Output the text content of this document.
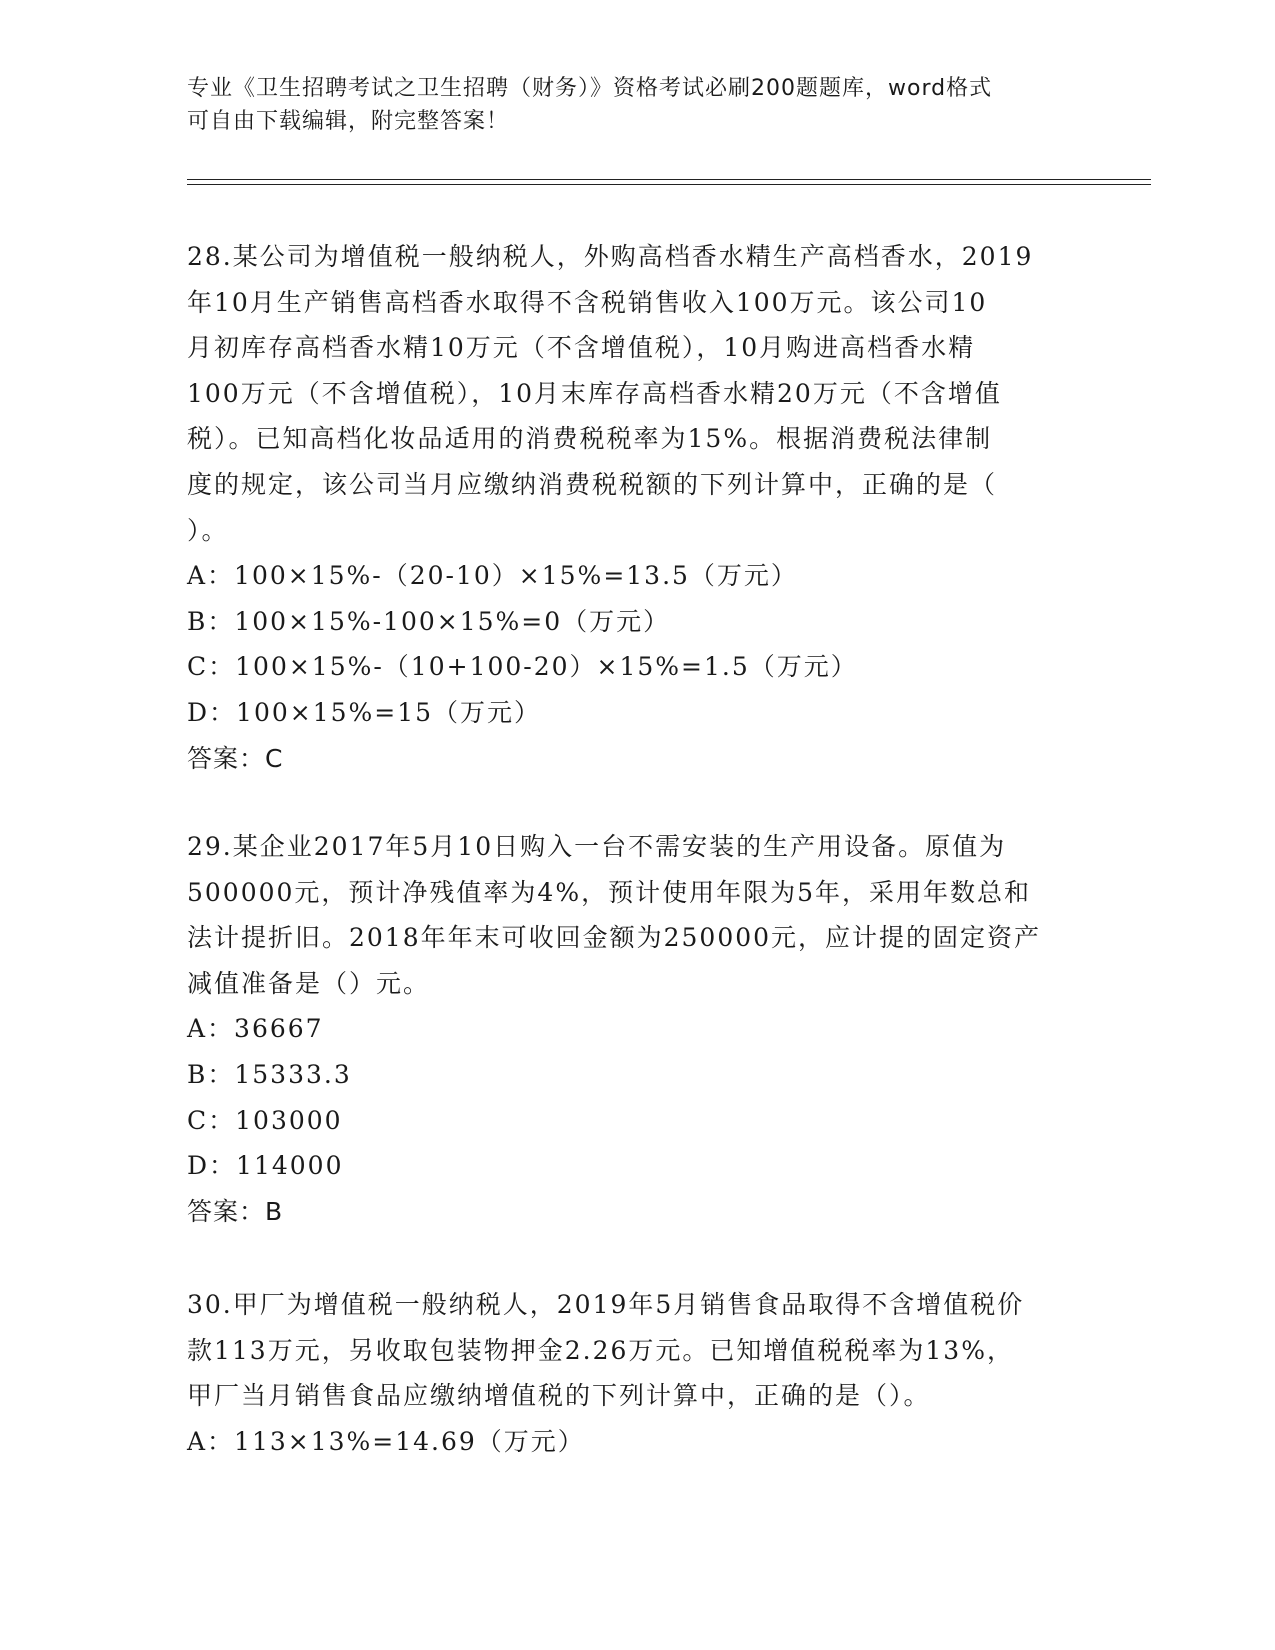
专业《卫生招聘考试之卫生招聘（财务）》资格考试必刷200题题库，word格式
可自由下载编辑，附完整答案！
28.某公司为增值税一般纳税人，外购高档香水精生产高档香水，2019
年10月生产销售高档香水取得不含税销售收入100万元。该公司10
月初库存高档香水精10万元（不含增值税），10月购进高档香水精
100万元（不含增值税），10月末库存高档香水精20万元（不含增值
税）。已知高档化妆品适用的消费税税率为15%。根据消费税法律制
度的规定，该公司当月应缴纳消费税税额的下列计算中，正确的是（
）。
A：100×15%-（20-10）×15%=13.5（万元）
B：100×15%-100×15%=0（万元）
C：100×15%-（10+100-20）×15%=1.5（万元）
D：100×15%=15（万元）
答案：C
29.某企业2017年5月10日购入一台不需安装的生产用设备。原值为
500000元，预计净残值率为4%，预计使用年限为5年，采用年数总和
法计提折旧。2018年年末可收回金额为250000元，应计提的固定资产
减值准备是（）元。
A：36667
B：15333.3
C：103000
D：114000
答案：B
30.甲厂为增值税一般纳税人，2019年5月销售食品取得不含增值税价
款113万元，另收取包装物押金2.26万元。已知增值税税率为13%，
甲厂当月销售食品应缴纳增值税的下列计算中，正确的是（）。
A：113×13%=14.69（万元）
